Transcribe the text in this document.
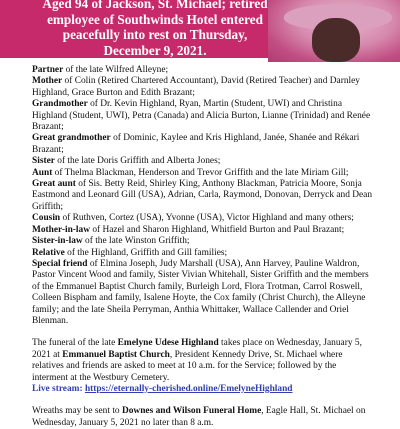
Aged 94 of Jackson, St. Michael; retired employee of Southwinds Hotel entered peacefully into rest on Thursday, December 9, 2021.

Partner of the late Wilfred Alleyne;

Mother of Colin (Retired Chartered Accountant), David (Retired Teacher) and Darnley Highland, Grace Burton and Edith Brazant;

Grandmother of Dr. Kevin Highland, Ryan, Martin (Student, UWI) and Christina Highland (Student, UWI), Petra (Canada) and Alicia Burton, Lianne (Trinidad) and Renée Brazant;

Great grandmother of Dominic, Kaylee and Kris Highland, Janée, Shanée and Rékari Brazant;

Sister of the late Doris Griffith and Alberta Jones;

Aunt of Thelma Blackman, Henderson and Trevor Griffith and the late Miriam Gill;

Great aunt of Sis. Betty Reid, Shirley King, Anthony Blackman, Patricia Moore, Sonja Eastmond and Leonard Gill (USA), Adrian, Carla, Raymond, Donovan, Derryck and Dean Griffith;

Cousin of Ruthven, Cortez (USA), Yvonne (USA), Victor Highland and many others;

Mother-in-law of Hazel and Sharon Highland, Whitfield Burton and Paul Brazant;

Sister-in-law of the late Winston Griffith;

Relative of the Highland, Griffith and Gill families;

Special friend of Elmina Joseph, Judy Marshall (USA), Ann Harvey, Pauline Waldron, Pastor Vincent Wood and family, Sister Vivian Whitehall, Sister Griffith and the members of the Emmanuel Baptist Church family, Burleigh Lord, Flora Trotman, Carrol Roswell, Colleen Bispham and family, Isalene Hoyte, the Cox family (Christ Church), the Alleyne family; and the late Sheila Perryman, Anthia Whittaker, Wallace Callender and Oriel Blenman.

The funeral of the late Emelyne Udese Highland takes place on Wednesday, January 5, 2021 at Emmanuel Baptist Church, President Kennedy Drive, St. Michael where relatives and friends are asked to meet at 10 a.m. for the Service; followed by the interment at the Westbury Cemetery.

Live stream: https://eternally-cherished.online/EmelyneHighland

Wreaths may be sent to Downes and Wilson Funeral Home, Eagle Hall, St. Michael on Wednesday, January 5, 2021 no later than 8 a.m.
